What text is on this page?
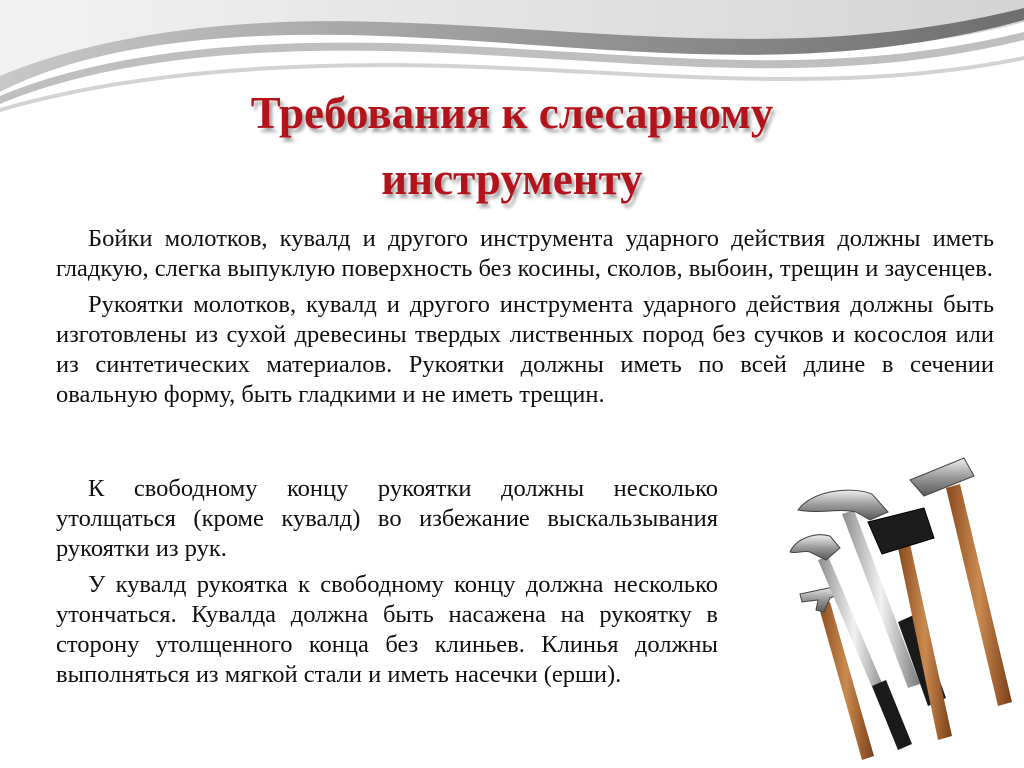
Требования к слесарному
инструменту

Бойки молотков, кувалд и другого инструмента ударного действия должны иметь гладкую, слегка выпуклую поверхность без косины, сколов, выбоин, трещин и заусенцев.

Рукоятки молотков, кувалд и другого инструмента ударного действия должны быть изготовлены из сухой древесины твердых лиственных пород без сучков и косослоя или из синтетических материалов. Рукоятки должны иметь по всей длине в сечении овальную форму, быть гладкими и не иметь трещин.

К свободному концу рукоятки должны несколько утолщаться (кроме кувалд) во избежание выскальзывания рукоятки из рук.

У кувалд рукоятка к свободному концу должна несколько утончаться. Кувалда должна быть насажена на рукоятку в сторону утолщенного конца без клиньев. Клинья должны выполняться из мягкой стали и иметь насечки (ерши).
